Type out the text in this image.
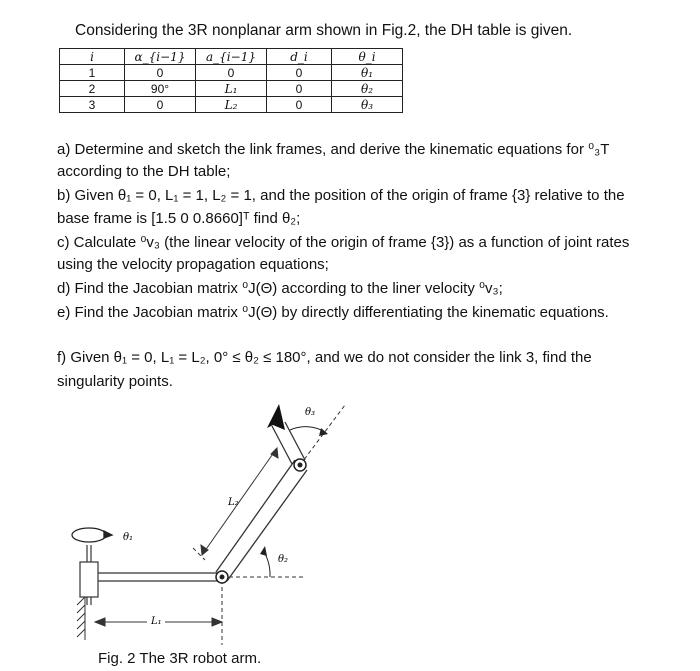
Considering the 3R nonplanar arm shown in Fig.2, the DH table is given.
i	α_{i−1}	a_{i−1}	d_i	θ_i
1	0	0	0	θ₁
2	90°	L₁	0	θ₂
3	0	L₂	0	θ₃
a) Determine and sketch the link frames, and derive the kinematic equations for ⁰₃T
according to the DH table;
b) Given θ₁ = 0, L₁ = 1, L₂ = 1, and the position of the origin of frame {3} relative to the
base frame is [1.5 0 0.8660]ᵀ find θ₂;
c) Calculate ⁰v₃ (the linear velocity of the origin of frame {3}) as a function of joint rates
using the velocity propagation equations;
d) Find the Jacobian matrix ⁰J(Θ) according to the liner velocity ⁰v₃;
e) Find the Jacobian matrix ⁰J(Θ) by directly differentiating the kinematic equations.
f) Given θ₁ = 0, L₁ = L₂, 0° ≤ θ₂ ≤ 180°, and we do not consider the link 3, find the
singularity points.
θ₁
θ₂
θ₃
L₂
L₁
Fig. 2 The 3R robot arm.
